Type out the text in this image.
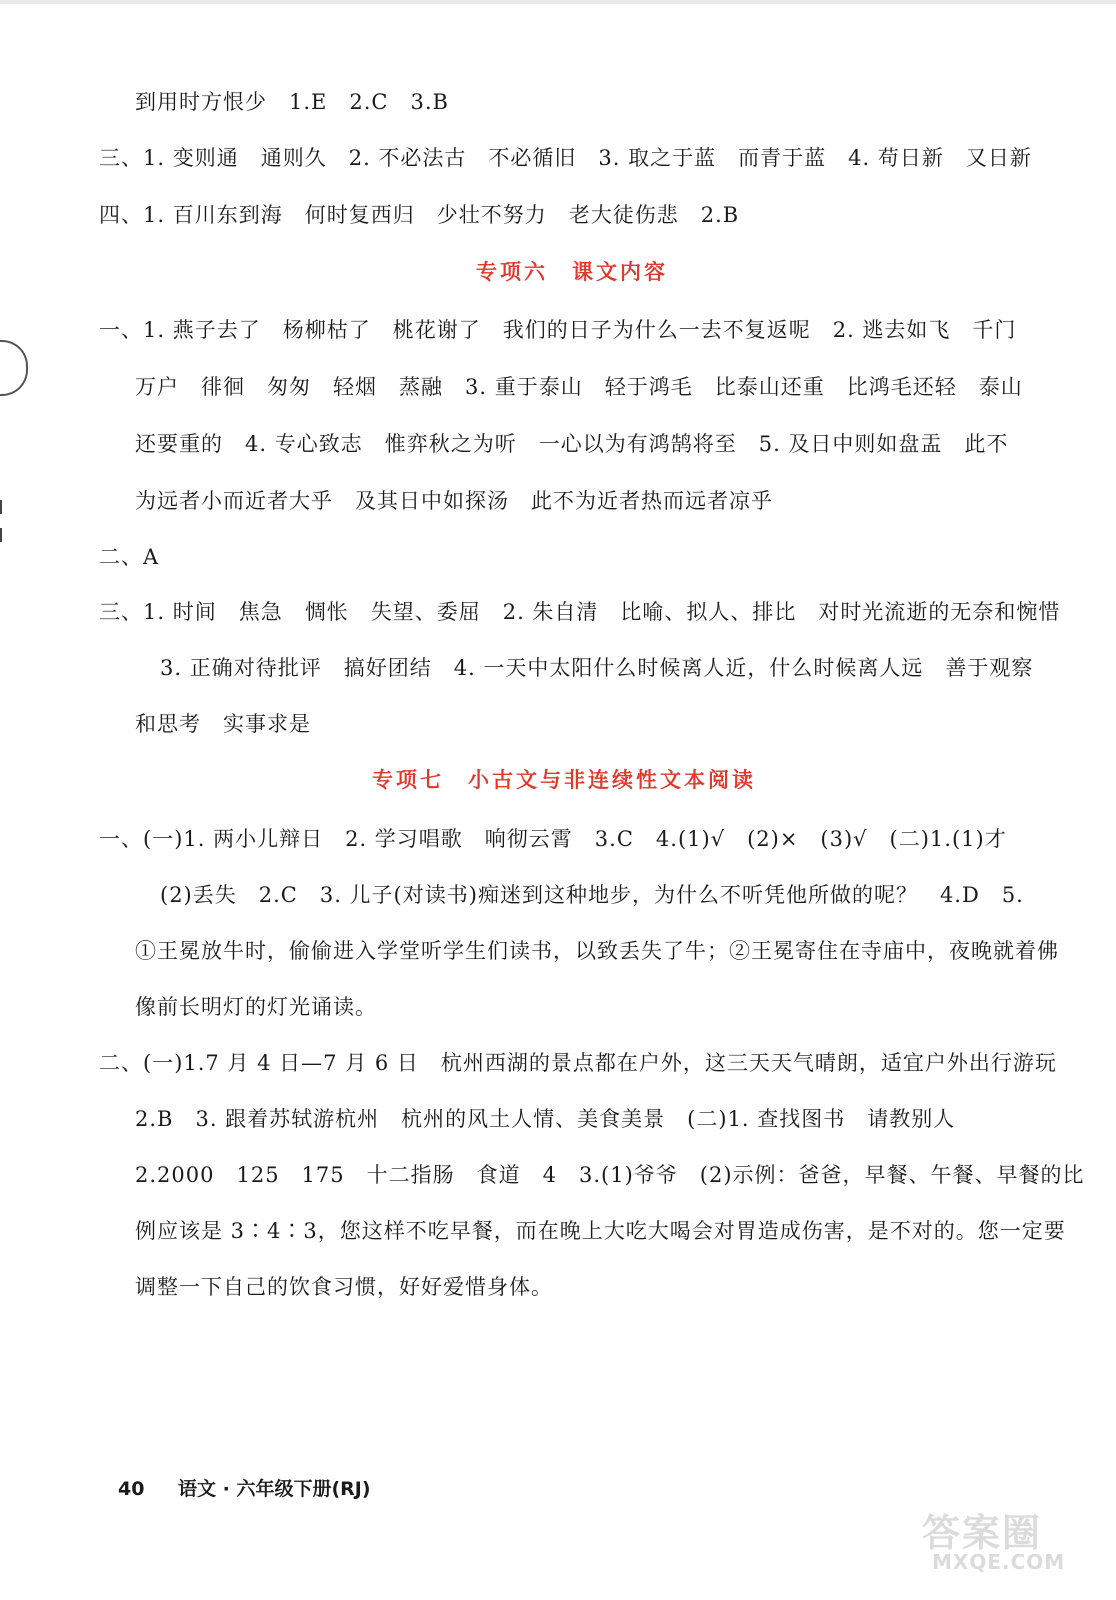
到用时方恨少　1.E　2.C　3.B
三、1. 变则通　通则久　2. 不必法古　不必循旧　3. 取之于蓝　而青于蓝　4. 苟日新　又日新
四、1. 百川东到海　何时复西归　少壮不努力　老大徒伤悲　2.B
专项六　课文内容
一、1. 燕子去了　杨柳枯了　桃花谢了　我们的日子为什么一去不复返呢　2. 逃去如飞　千门
万户　徘徊　匆匆　轻烟　蒸融　3. 重于泰山　轻于鸿毛　比泰山还重　比鸿毛还轻　泰山
还要重的　4. 专心致志　惟弈秋之为听　一心以为有鸿鹄将至　5. 及日中则如盘盂　此不
为远者小而近者大乎　及其日中如探汤　此不为近者热而远者凉乎
二、A
三、1. 时间　焦急　惆怅　失望、委屈　2. 朱自清　比喻、拟人、排比　对时光流逝的无奈和惋惜
3. 正确对待批评　搞好团结　4. 一天中太阳什么时候离人近，什么时候离人远　善于观察
和思考　实事求是
专项七　小古文与非连续性文本阅读
一、(一)1. 两小儿辩日　2. 学习唱歌　响彻云霄　3.C　4.(1)√　(2)×　(3)√　(二)1.(1)才
(2)丢失　2.C　3. 儿子(对读书)痴迷到这种地步，为什么不听凭他所做的呢？　4.D　5.
①王冕放牛时，偷偷进入学堂听学生们读书，以致丢失了牛；②王冕寄住在寺庙中，夜晚就着佛
像前长明灯的灯光诵读。
二、(一)1.7 月 4 日—7 月 6 日　杭州西湖的景点都在户外，这三天天气晴朗，适宜户外出行游玩
2.B　3. 跟着苏轼游杭州　杭州的风土人情、美食美景　(二)1. 查找图书　请教别人
2.2000　125　175　十二指肠　食道　4　3.(1)爷爷　(2)示例：爸爸，早餐、午餐、早餐的比
例应该是 3∶4∶3，您这样不吃早餐，而在晚上大吃大喝会对胃造成伤害，是不对的。您一定要
调整一下自己的饮食习惯，好好爱惜身体。
40 语文 · 六年级下册(RJ)
答案圈
MXQE.COM
